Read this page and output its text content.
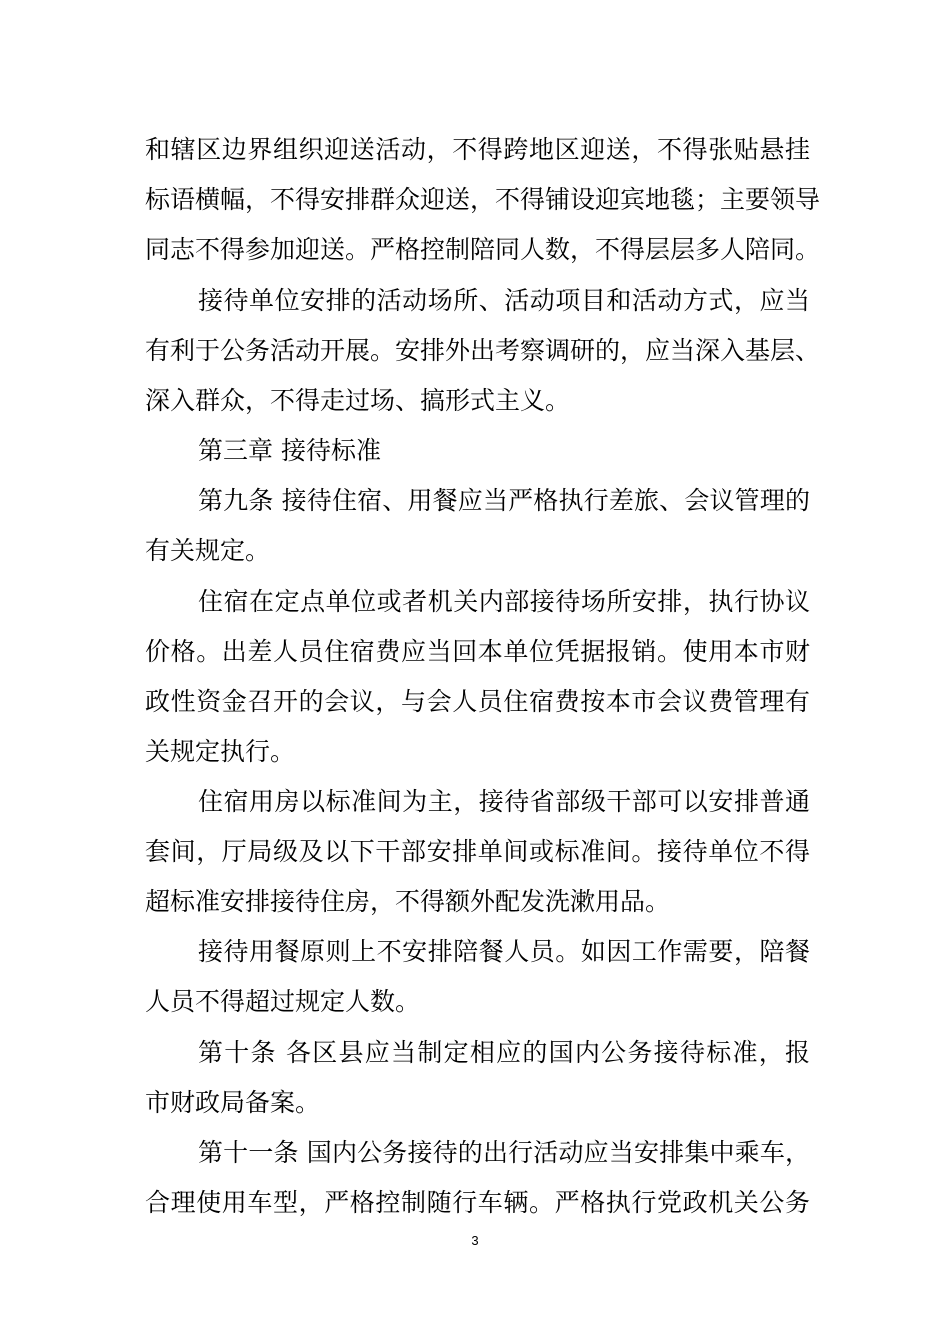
和辖区边界组织迎送活动，不得跨地区迎送，不得张贴悬挂
标语横幅，不得安排群众迎送，不得铺设迎宾地毯；主要领导
同志不得参加迎送。严格控制陪同人数，不得层层多人陪同。
接待单位安排的活动场所、活动项目和活动方式，应当
有利于公务活动开展。安排外出考察调研的，应当深入基层、
深入群众，不得走过场、搞形式主义。
第三章 接待标准
第九条 接待住宿、用餐应当严格执行差旅、会议管理的
有关规定。
住宿在定点单位或者机关内部接待场所安排，执行协议
价格。出差人员住宿费应当回本单位凭据报销。使用本市财
政性资金召开的会议，与会人员住宿费按本市会议费管理有
关规定执行。
住宿用房以标准间为主，接待省部级干部可以安排普通
套间，厅局级及以下干部安排单间或标准间。接待单位不得
超标准安排接待住房，不得额外配发洗漱用品。
接待用餐原则上不安排陪餐人员。如因工作需要，陪餐
人员不得超过规定人数。
第十条 各区县应当制定相应的国内公务接待标准，报
市财政局备案。
第十一条 国内公务接待的出行活动应当安排集中乘车，
合理使用车型，严格控制随行车辆。严格执行党政机关公务
3
